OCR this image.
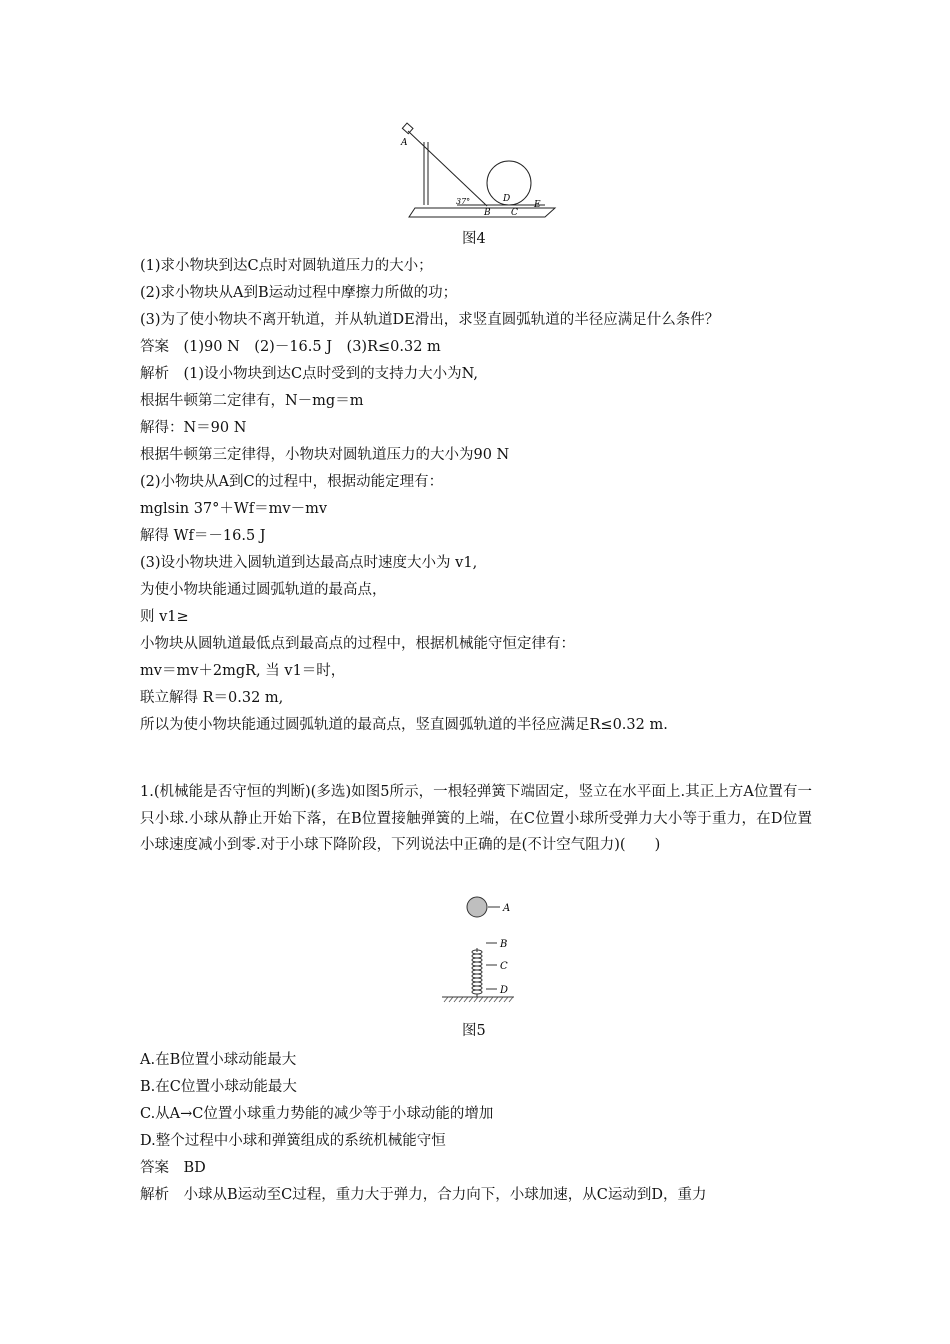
A
37°	D
B C
E
图4
(1)求小物块到达C点时对圆轨道压力的大小；
(2)求小物块从A到B运动过程中摩擦力所做的功；
(3)为了使小物块不离开轨道，并从轨道DE滑出，求竖直圆弧轨道的半径应满足什么条件？
答案　(1)90 N　(2)－16.5 J　(3)R≤0.32 m
解析　(1)设小物块到达C点时受到的支持力大小为N,
根据牛顿第二定律有，N－mg＝m
解得：N＝90 N
根据牛顿第三定律得，小物块对圆轨道压力的大小为90 N
(2)小物块从A到C的过程中，根据动能定理有：
mglsin 37°＋Wf＝mv－mv
解得 Wf＝－16.5 J
(3)设小物块进入圆轨道到达最高点时速度大小为 v1,
为使小物块能通过圆弧轨道的最高点，
则 v1≥
小物块从圆轨道最低点到最高点的过程中，根据机械能守恒定律有：
mv＝mv＋2mgR, 当 v1＝时，
联立解得 R＝0.32 m,
所以为使小物块能通过圆弧轨道的最高点，竖直圆弧轨道的半径应满足R≤0.32 m.
1.(机械能是否守恒的判断)(多选)如图5所示，一根轻弹簧下端固定，竖立在水平面上.其正上方A位置有一只小球.小球从静止开始下落，在B位置接触弹簧的上端，在C位置小球所受弹力大小等于重力，在D位置小球速度减小到零.对于小球下降阶段，下列说法中正确的是(不计空气阻力)(　　)
A
B
C
D
图5
A.在B位置小球动能最大
B.在C位置小球动能最大
C.从A→C位置小球重力势能的减少等于小球动能的增加
D.整个过程中小球和弹簧组成的系统机械能守恒
答案　BD
解析　小球从B运动至C过程，重力大于弹力，合力向下，小球加速，从C运动到D，重力
